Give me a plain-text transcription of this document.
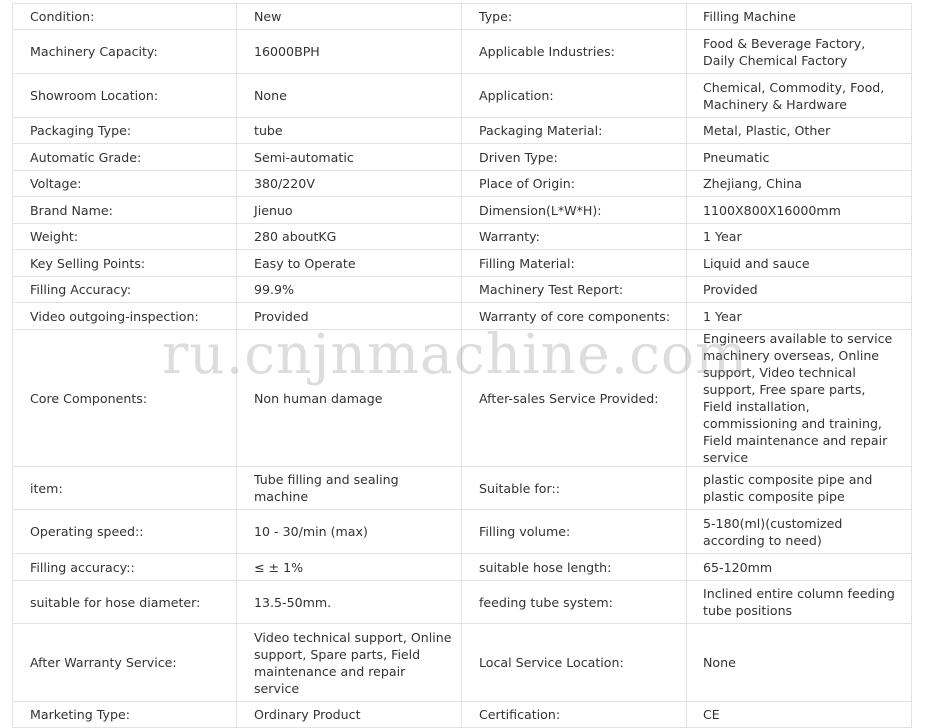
Condition:	New	Type:	Filling Machine
Machinery Capacity:	16000BPH	Applicable Industries:	Food & Beverage Factory, Daily Chemical Factory
Showroom Location:	None	Application:	Chemical, Commodity, Food, Machinery & Hardware
Packaging Type:	tube	Packaging Material:	Metal, Plastic, Other
Automatic Grade:	Semi-automatic	Driven Type:	Pneumatic
Voltage:	380/220V	Place of Origin:	Zhejiang, China
Brand Name:	Jienuo	Dimension(L*W*H):	1100X800X16000mm
Weight:	280 aboutKG	Warranty:	1 Year
Key Selling Points:	Easy to Operate	Filling Material:	Liquid and sauce
Filling Accuracy:	99.9%	Machinery Test Report:	Provided
Video outgoing-inspection:	Provided	Warranty of core components:	1 Year
Core Components:	Non human damage	After-sales Service Provided:	Engineers available to service machinery overseas, Online support, Video technical support, Free spare parts, Field installation, commissioning and training, Field maintenance and repair service
item:	Tube filling and sealing machine	Suitable for::	plastic composite pipe and plastic composite pipe
Operating speed::	10 - 30/min (max)	Filling volume:	5-180(ml)(customized according to need)
Filling accuracy::	≤ ± 1%	suitable hose length:	65-120mm
suitable for hose diameter:	13.5-50mm.	feeding tube system:	Inclined entire column feeding tube positions
After Warranty Service:	Video technical support, Online support, Spare parts, Field maintenance and repair service	Local Service Location:	None
Marketing Type:	Ordinary Product	Certification:	CE
ru.cnjnmachine.com
